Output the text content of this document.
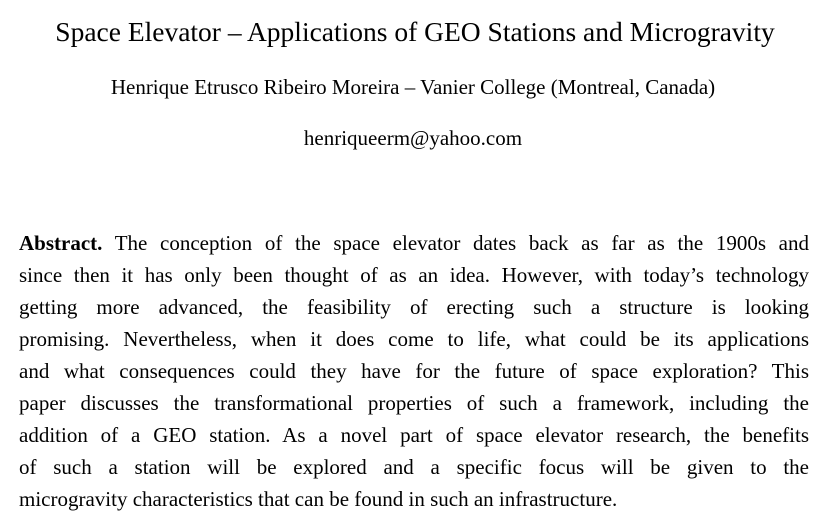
Space Elevator – Applications of GEO Stations and Microgravity
Henrique Etrusco Ribeiro Moreira – Vanier College (Montreal, Canada)
henriqueerm@yahoo.com
Abstract. The conception of the space elevator dates back as far as the 1900s and
since then it has only been thought of as an idea. However, with today’s technology
getting more advanced, the feasibility of erecting such a structure is looking
promising. Nevertheless, when it does come to life, what could be its applications
and what consequences could they have for the future of space exploration? This
paper discusses the transformational properties of such a framework, including the
addition of a GEO station. As a novel part of space elevator research, the benefits
of such a station will be explored and a specific focus will be given to the
microgravity characteristics that can be found in such an infrastructure.
